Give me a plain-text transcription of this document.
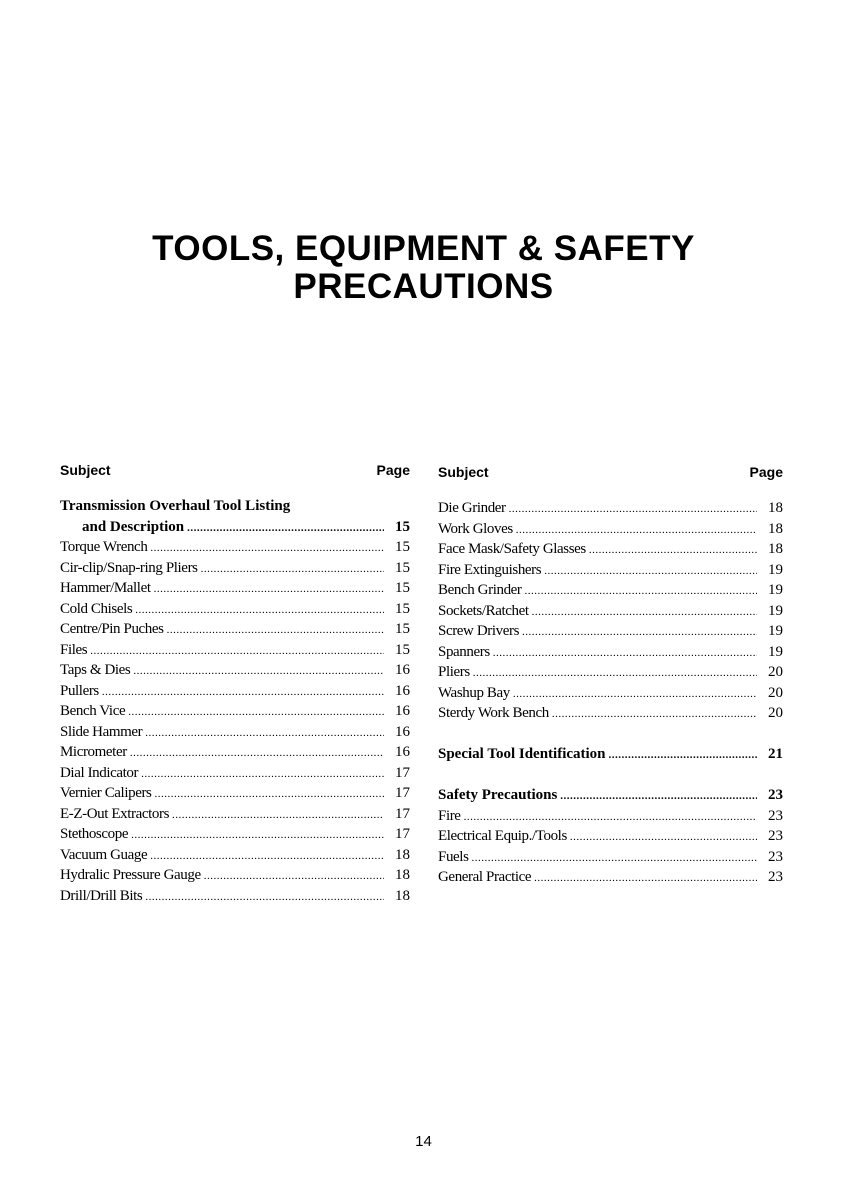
TOOLS, EQUIPMENT & SAFETY
PRECAUTIONS
Subject	Page
Transmission Overhaul Tool Listing
and Description .....	15
Torque Wrench .....	15
Cir-clip/Snap-ring Pliers .....	15
Hammer/Mallet .....	15
Cold Chisels .....	15
Centre/Pin Puches .....	15
Files .....	15
Taps & Dies .....	16
Pullers .....	16
Bench Vice .....	16
Slide Hammer .....	16
Micrometer .....	16
Dial Indicator .....	17
Vernier Calipers .....	17
E-Z-Out Extractors .....	17
Stethoscope .....	17
Vacuum Guage .....	18
Hydralic Pressure Gauge .....	18
Drill/Drill Bits .....	18
Subject	Page
Die Grinder .....	18
Work Gloves .....	18
Face Mask/Safety Glasses .....	18
Fire Extinguishers .....	19
Bench Grinder .....	19
Sockets/Ratchet .....	19
Screw Drivers .....	19
Spanners .....	19
Pliers .....	20
Washup Bay .....	20
Sterdy Work Bench .....	20
Special Tool Identification .....	21
Safety Precautions .....	23
Fire .....	23
Electrical Equip./Tools .....	23
Fuels .....	23
General Practice .....	23
14
